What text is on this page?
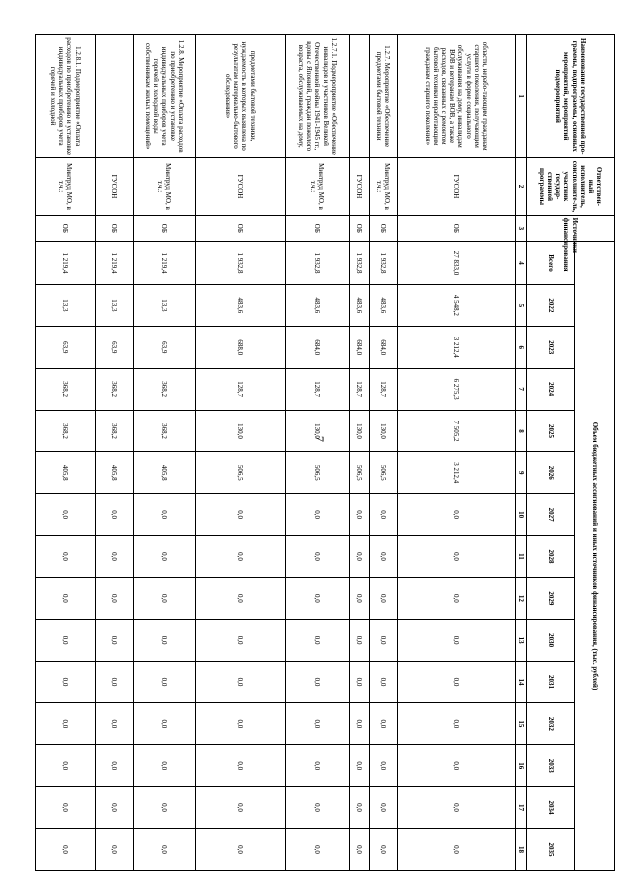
7
Наименование государственной про-граммы, подпрограммы, основных мероприятий, мероприятий подмероприятий	Ответствен-ный исполнитель, соисполните-ль, участник государ-ственной программы	Источники финансирования	Объем бюджетных ассигнований и иных источников финансирования, (тыс. рублей)														
			Всего	2022	2023	2024	2025	2026	2027	2028	2029	2030	2031	2032	2033	2034	2035
1	2	3	4	5	6	7	8	9	10	11	12	13	14	15	16	17	18
области, нерабо-тающим гражданам старшего поколения, получающим услуги в форме социального обслуживания на дому, инвалидам ВОВ и ветеранам ВОВ, а также расходов, связанных с ремонтом бытовой техники неработающим гражданам старшего поколения»	ГУСОН	ОБ	27 833,0	4 548,2	3 212,4	6 275,3	7 505,2	3 212,4	0,0	0,0	0,0	0,0	0,0	0,0	0,0	0,0	0,0
1.2.7. Мероприятие «Обеспечение предметами бытовой техники	Минтруд МО, в т.ч.:	ОБ	1 932,8	483,6	684,0	128,7	130,0	506,5	0,0	0,0	0,0	0,0	0,0	0,0	0,0	0,0	0,0
	ГУСОН	ОБ	1 932,8	483,6	684,0	128,7	130,0	506,5	0,0	0,0	0,0	0,0	0,0	0,0	0,0	0,0	0,0
1.2.7.1. Подмероприятие «Обеспечение инвалидов и участников Великой Отечественной войны 1941-1945 гг., вдовы с Японией, граждан пожилого возраста, обслуживаемых на дому,	Минтруд МО, в т.ч.:	ОБ	1 932,8	483,6	684,0	128,7	130,0	506,5	0,0	0,0	0,0	0,0	0,0	0,0	0,0	0,0	0,0
предметами бытовой техники, нуждаемость в которых выявлена по результатам материально-бытового обследования»	ГУСОН	ОБ	1 932,8	483,6	688,0	128,7	130,0	506,5	0,0	0,0	0,0	0,0	0,0	0,0	0,0	0,0	0,0
1.2.8. Мероприятие «Оплата расходов по приобретению и установке индивидуальных приборов учета горячей и холодной воды собственникам жилых помещений»	Минтруд МО, в т.ч.:	ОБ	1 219,4	13,3	63,9	368,2	368,2	405,8	0,0	0,0	0,0	0,0	0,0	0,0	0,0	0,0	0,0
	ГУСОН	ОБ	1 219,4	13,3	63,9	368,2	368,2	405,8	0,0	0,0	0,0	0,0	0,0	0,0	0,0	0,0	0,0
1.2.8.1. Подмероприятие «Оплата расходов по приобретению и установке индивидуальных приборов учета горячей и холодной	Минтруд МО, в т.ч.:	ОБ	1 219,4	13,3	63,9	368,2	368,2	405,8	0,0	0,0	0,0	0,0	0,0	0,0	0,0	0,0	0,0
